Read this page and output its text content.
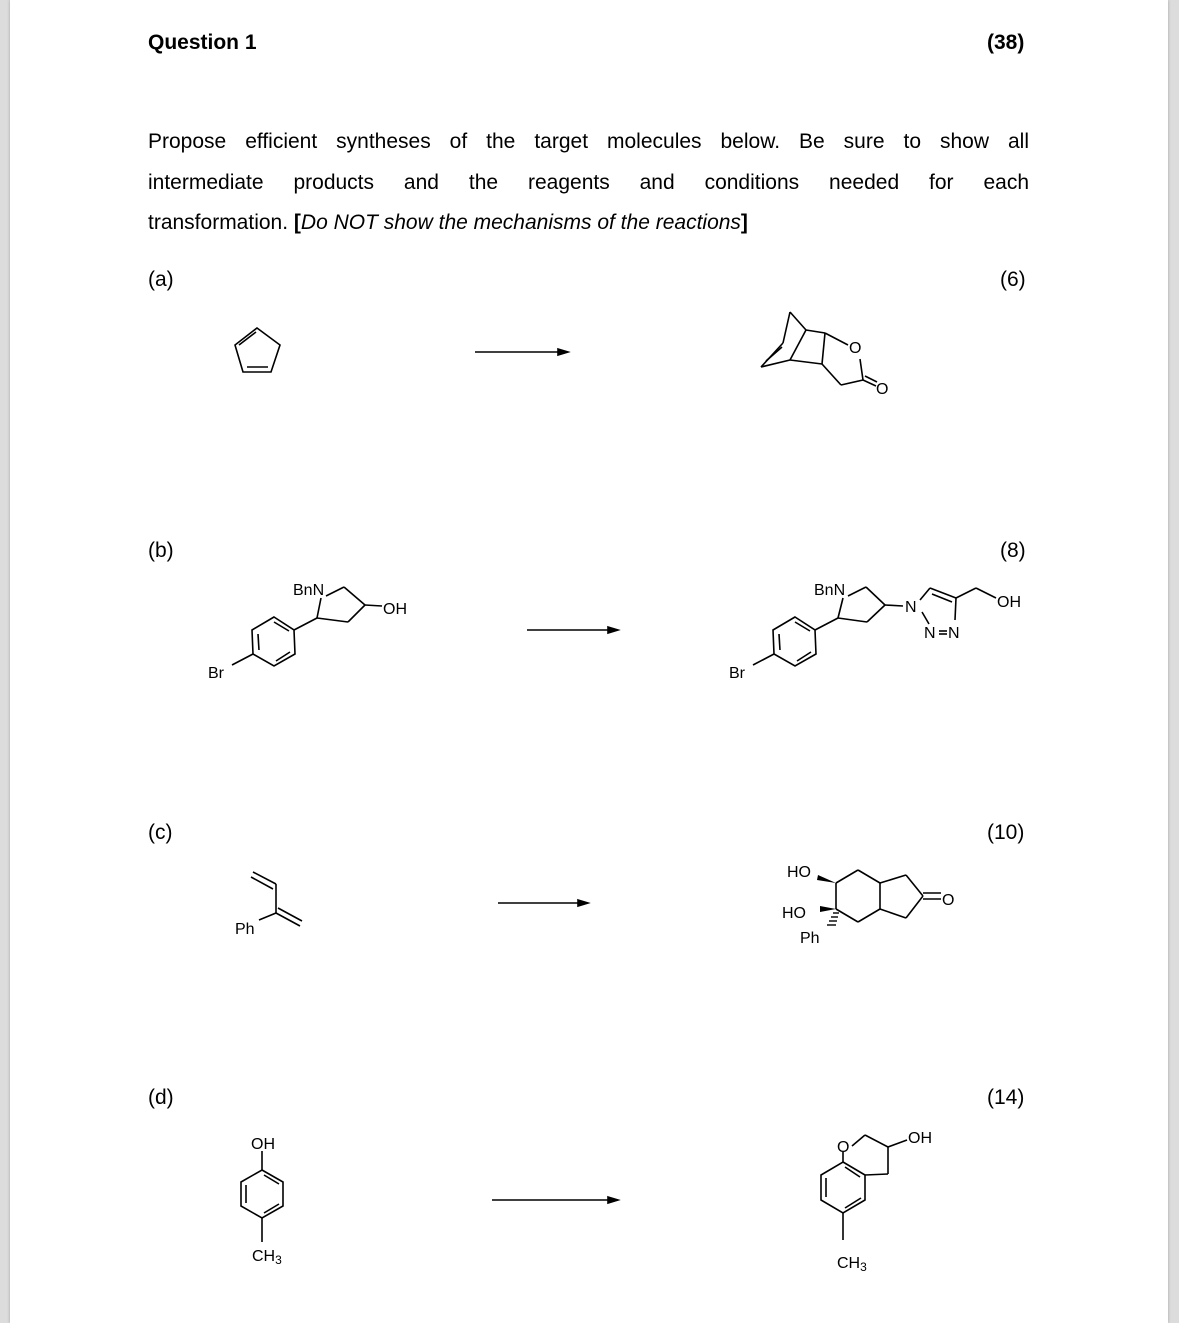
Question 1	(38)
Propose efficient syntheses of the target molecules below. Be sure to show all
intermediate products and the reagents and conditions needed for each
transformation. [Do NOT show the mechanisms of the reactions]
(a)	(6)
O
O
(b)	(8)
BnN
OH
Br
BnN
N
N N
OH
Br
(c)	(10)
Ph
HO
HO
Ph
O
(d)	(14)
OH
CH3
O
OH
CH3
